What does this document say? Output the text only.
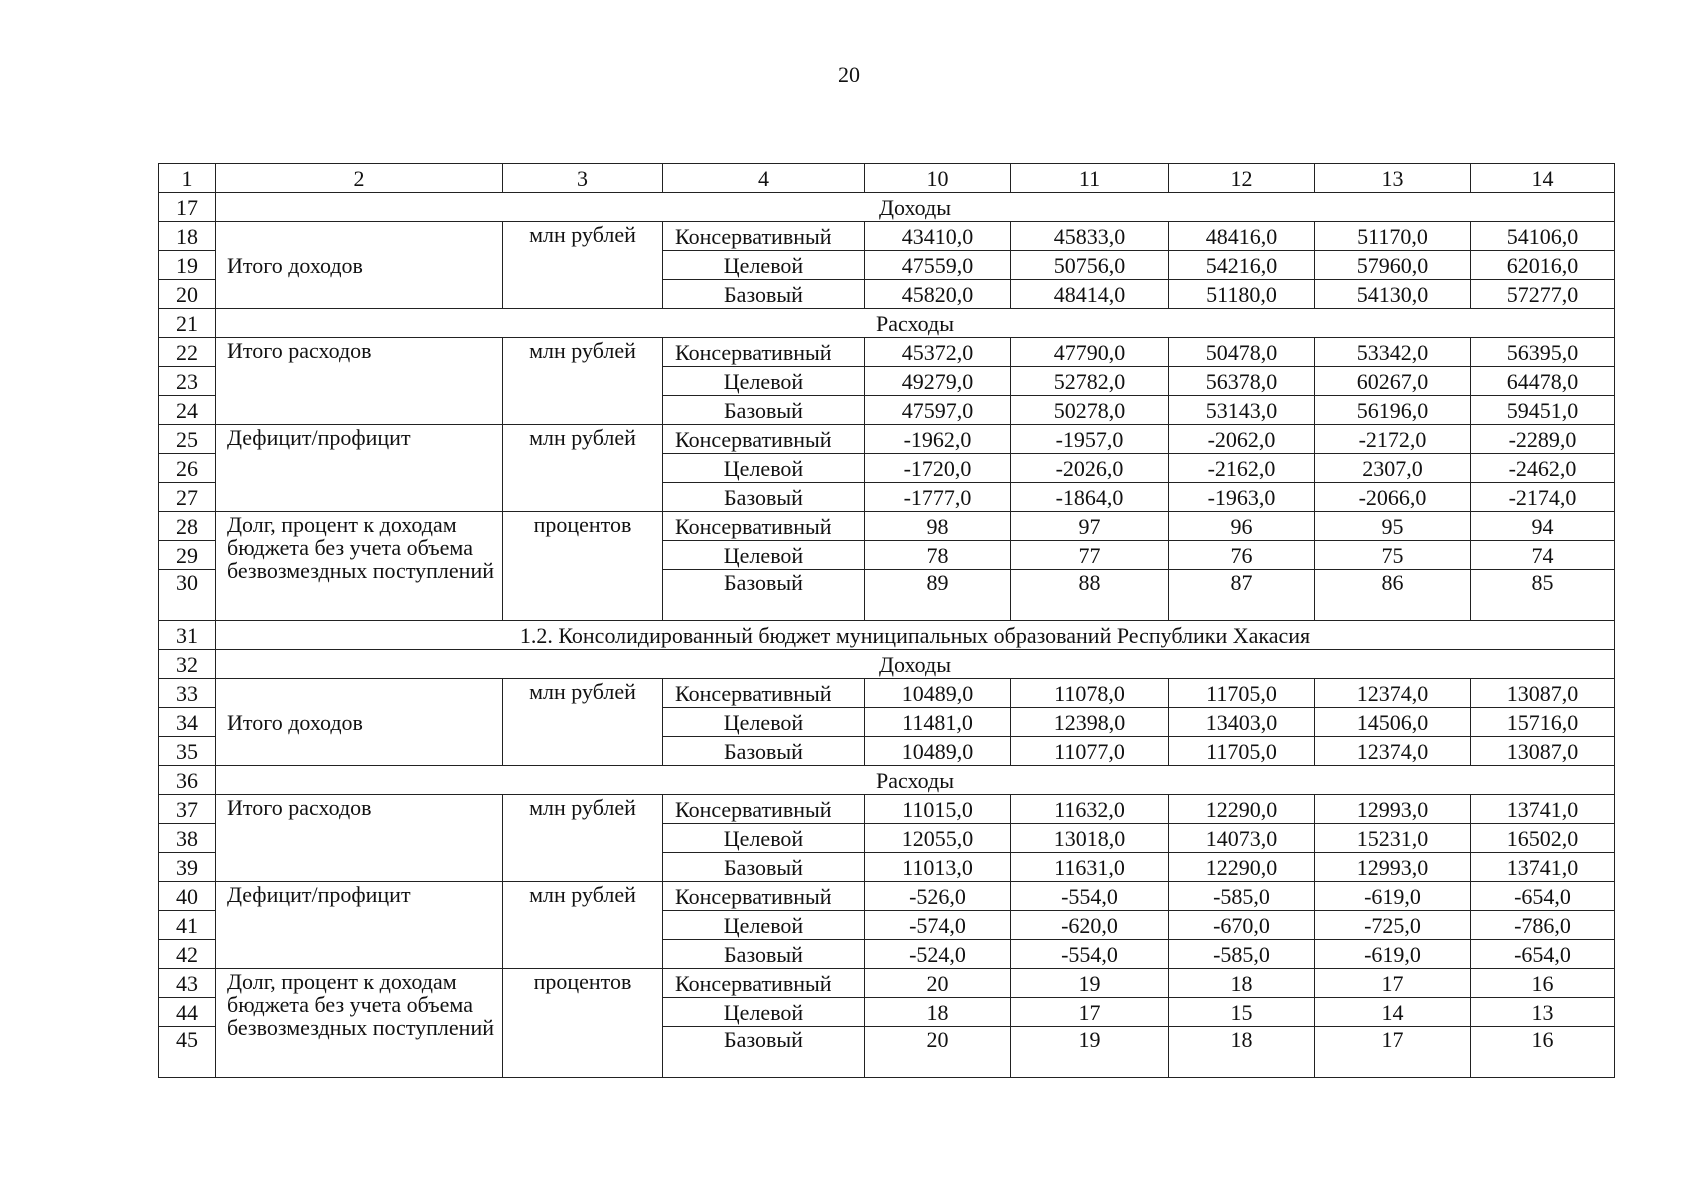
20
1	2	3	4	10	11	12	13	14
17	Доходы							
18	Итого доходов	млн рублей	Консервативный	43410,0	45833,0	48416,0	51170,0	54106,0
19			Целевой	47559,0	50756,0	54216,0	57960,0	62016,0
20			Базовый	45820,0	48414,0	51180,0	54130,0	57277,0
21	Расходы							
22	Итого расходов	млн рублей	Консервативный	45372,0	47790,0	50478,0	53342,0	56395,0
23			Целевой	49279,0	52782,0	56378,0	60267,0	64478,0
24			Базовый	47597,0	50278,0	53143,0	56196,0	59451,0
25	Дефицит/профицит	млн рублей	Консервативный	-1962,0	-1957,0	-2062,0	-2172,0	-2289,0
26			Целевой	-1720,0	-2026,0	-2162,0	2307,0	-2462,0
27			Базовый	-1777,0	-1864,0	-1963,0	-2066,0	-2174,0
28	Долг, процент к доходам бюджета без учета объема безвозмездных поступлений	процентов	Консервативный	98	97	96	95	94
29			Целевой	78	77	76	75	74
30			Базовый	89	88	87	86	85
31	1.2. Консолидированный бюджет муниципальных образований Республики Хакасия							
32	Доходы							
33	Итого доходов	млн рублей	Консервативный	10489,0	11078,0	11705,0	12374,0	13087,0
34			Целевой	11481,0	12398,0	13403,0	14506,0	15716,0
35			Базовый	10489,0	11077,0	11705,0	12374,0	13087,0
36	Расходы							
37	Итого расходов	млн рублей	Консервативный	11015,0	11632,0	12290,0	12993,0	13741,0
38			Целевой	12055,0	13018,0	14073,0	15231,0	16502,0
39			Базовый	11013,0	11631,0	12290,0	12993,0	13741,0
40	Дефицит/профицит	млн рублей	Консервативный	-526,0	-554,0	-585,0	-619,0	-654,0
41			Целевой	-574,0	-620,0	-670,0	-725,0	-786,0
42			Базовый	-524,0	-554,0	-585,0	-619,0	-654,0
43	Долг, процент к доходам бюджета без учета объема безвозмездных поступлений	процентов	Консервативный	20	19	18	17	16
44			Целевой	18	17	15	14	13
45			Базовый	20	19	18	17	16
